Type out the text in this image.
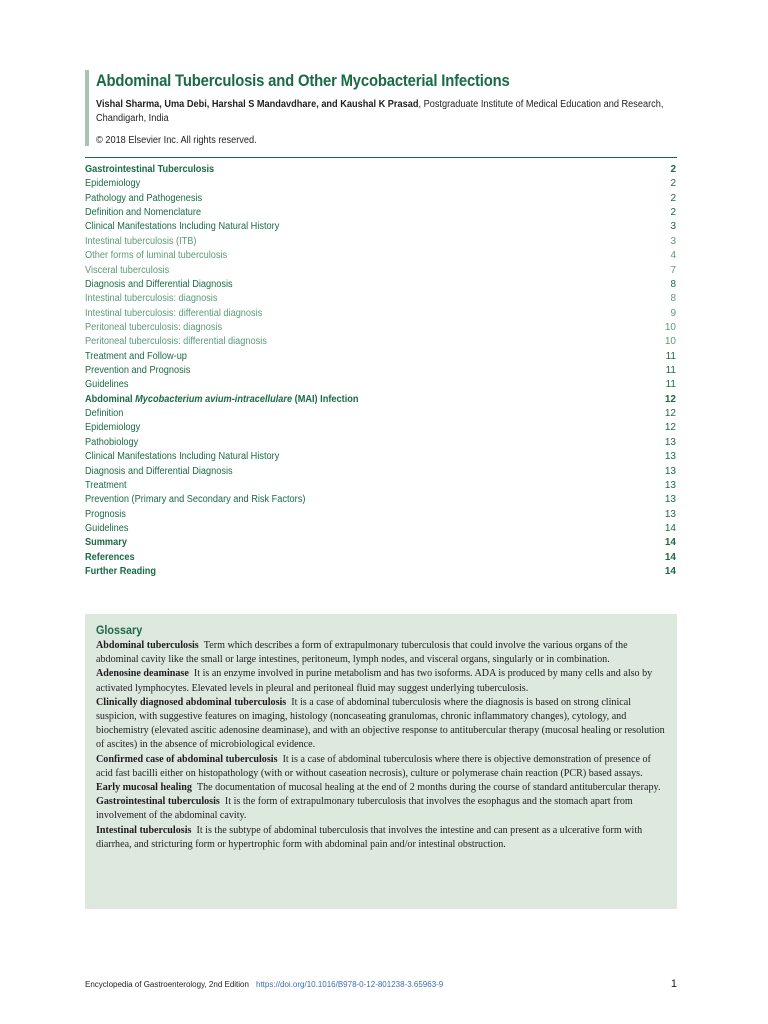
Abdominal Tuberculosis and Other Mycobacterial Infections
Vishal Sharma, Uma Debi, Harshal S Mandavdhare, and Kaushal K Prasad, Postgraduate Institute of Medical Education and Research, Chandigarh, India
© 2018 Elsevier Inc. All rights reserved.
Gastrointestinal Tuberculosis	2
Epidemiology	2
Pathology and Pathogenesis	2
Definition and Nomenclature	2
Clinical Manifestations Including Natural History	3
Intestinal tuberculosis (ITB)	3
Other forms of luminal tuberculosis	4
Visceral tuberculosis	7
Diagnosis and Differential Diagnosis	8
Intestinal tuberculosis: diagnosis	8
Intestinal tuberculosis: differential diagnosis	9
Peritoneal tuberculosis: diagnosis	10
Peritoneal tuberculosis: differential diagnosis	10
Treatment and Follow-up	11
Prevention and Prognosis	11
Guidelines	11
Abdominal Mycobacterium avium-intracellulare (MAI) Infection	12
Definition	12
Epidemiology	12
Pathobiology	13
Clinical Manifestations Including Natural History	13
Diagnosis and Differential Diagnosis	13
Treatment	13
Prevention (Primary and Secondary and Risk Factors)	13
Prognosis	13
Guidelines	14
Summary	14
References	14
Further Reading	14
Glossary

Abdominal tuberculosis  Term which describes a form of extrapulmonary tuberculosis that could involve the various organs of the abdominal cavity like the small or large intestines, peritoneum, lymph nodes, and visceral organs, singularly or in combination.

Adenosine deaminase  It is an enzyme involved in purine metabolism and has two isoforms. ADA is produced by many cells and also by activated lymphocytes. Elevated levels in pleural and peritoneal fluid may suggest underlying tuberculosis.

Clinically diagnosed abdominal tuberculosis  It is a case of abdominal tuberculosis where the diagnosis is based on strong clinical suspicion, with suggestive features on imaging, histology (noncaseating granulomas, chronic inflammatory changes), cytology, and biochemistry (elevated ascitic adenosine deaminase), and with an objective response to antitubercular therapy (mucosal healing or resolution of ascites) in the absence of microbiological evidence.

Confirmed case of abdominal tuberculosis  It is a case of abdominal tuberculosis where there is objective demonstration of presence of acid fast bacilli either on histopathology (with or without caseation necrosis), culture or polymerase chain reaction (PCR) based assays.

Early mucosal healing  The documentation of mucosal healing at the end of 2 months during the course of standard antitubercular therapy.

Gastrointestinal tuberculosis  It is the form of extrapulmonary tuberculosis that involves the esophagus and the stomach apart from involvement of the abdominal cavity.

Intestinal tuberculosis  It is the subtype of abdominal tuberculosis that involves the intestine and can present as a ulcerative form with diarrhea, and stricturing form or hypertrophic form with abdominal pain and/or intestinal obstruction.

Encyclopedia of Gastroenterology, 2nd Edition https://doi.org/10.1016/B978-0-12-801238-3.65963-9	1
